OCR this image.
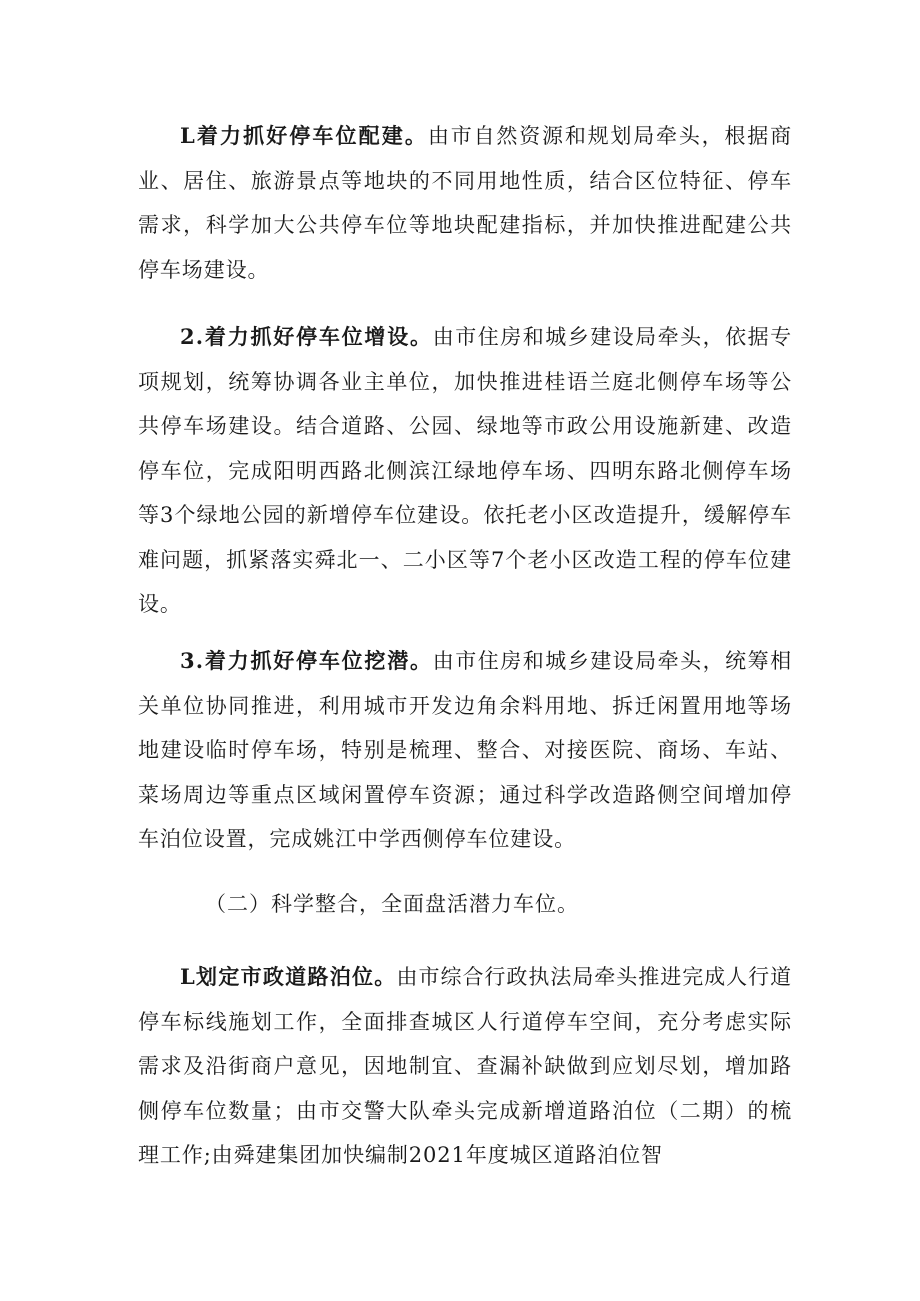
L着力抓好停车位配建。由市自然资源和规划局牵头，根据商业、居住、旅游景点等地块的不同用地性质，结合区位特征、停车需求，科学加大公共停车位等地块配建指标，并加快推进配建公共停车场建设。

2.着力抓好停车位增设。由市住房和城乡建设局牵头，依据专项规划，统筹协调各业主单位，加快推进桂语兰庭北侧停车场等公共停车场建设。结合道路、公园、绿地等市政公用设施新建、改造停车位，完成阳明西路北侧滨江绿地停车场、四明东路北侧停车场等3个绿地公园的新增停车位建设。依托老小区改造提升，缓解停车难问题，抓紧落实舜北一、二小区等7个老小区改造工程的停车位建设。

3.着力抓好停车位挖潜。由市住房和城乡建设局牵头，统筹相关单位协同推进，利用城市开发边角余料用地、拆迁闲置用地等场地建设临时停车场，特别是梳理、整合、对接医院、商场、车站、菜场周边等重点区域闲置停车资源；通过科学改造路侧空间增加停车泊位设置，完成姚江中学西侧停车位建设。

（二）科学整合，全面盘活潜力车位。

L划定市政道路泊位。由市综合行政执法局牵头推进完成人行道停车标线施划工作，全面排查城区人行道停车空间，充分考虑实际需求及沿街商户意见，因地制宜、查漏补缺做到应划尽划，增加路侧停车位数量；由市交警大队牵头完成新增道路泊位（二期）的梳理工作;由舜建集团加快编制2021年度城区道路泊位智
